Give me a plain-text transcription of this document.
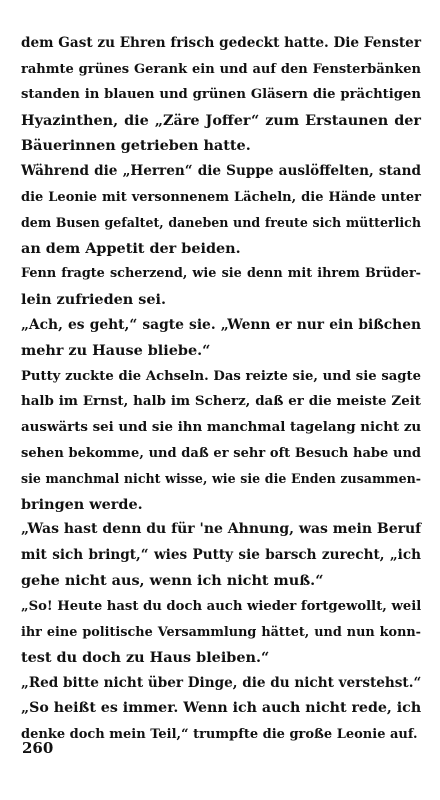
dem Gast zu Ehren frisch gedeckt hatte. Die Fenster
rahmte grünes Gerank ein und auf den Fensterbänken
standen in blauen und grünen Gläsern die prächtigen
Hyazinthen, die „Zäre Joffer“ zum Erstaunen der
Bäuerinnen getrieben hatte.
Während die „Herren“ die Suppe auslöffelten, stand
die Leonie mit versonnenem Lächeln, die Hände unter
dem Busen gefaltet, daneben und freute sich mütterlich
an dem Appetit der beiden.
Fenn fragte scherzend, wie sie denn mit ihrem Brüder-
lein zufrieden sei.
„Ach, es geht,“ sagte sie. „Wenn er nur ein bißchen
mehr zu Hause bliebe.“
Putty zuckte die Achseln. Das reizte sie, und sie sagte
halb im Ernst, halb im Scherz, daß er die meiste Zeit
auswärts sei und sie ihn manchmal tagelang nicht zu
sehen bekomme, und daß er sehr oft Besuch habe und
sie manchmal nicht wisse, wie sie die Enden zusammen-
bringen werde.
„Was hast denn du für 'ne Ahnung, was mein Beruf
mit sich bringt,“ wies Putty sie barsch zurecht, „ich
gehe nicht aus, wenn ich nicht muß.“
„So! Heute hast du doch auch wieder fortgewollt, weil
ihr eine politische Versammlung hättet, und nun konn-
test du doch zu Haus bleiben.“
„Red bitte nicht über Dinge, die du nicht verstehst.“
„So heißt es immer. Wenn ich auch nicht rede, ich
denke doch mein Teil,“ trumpfte die große Leonie auf.
260
